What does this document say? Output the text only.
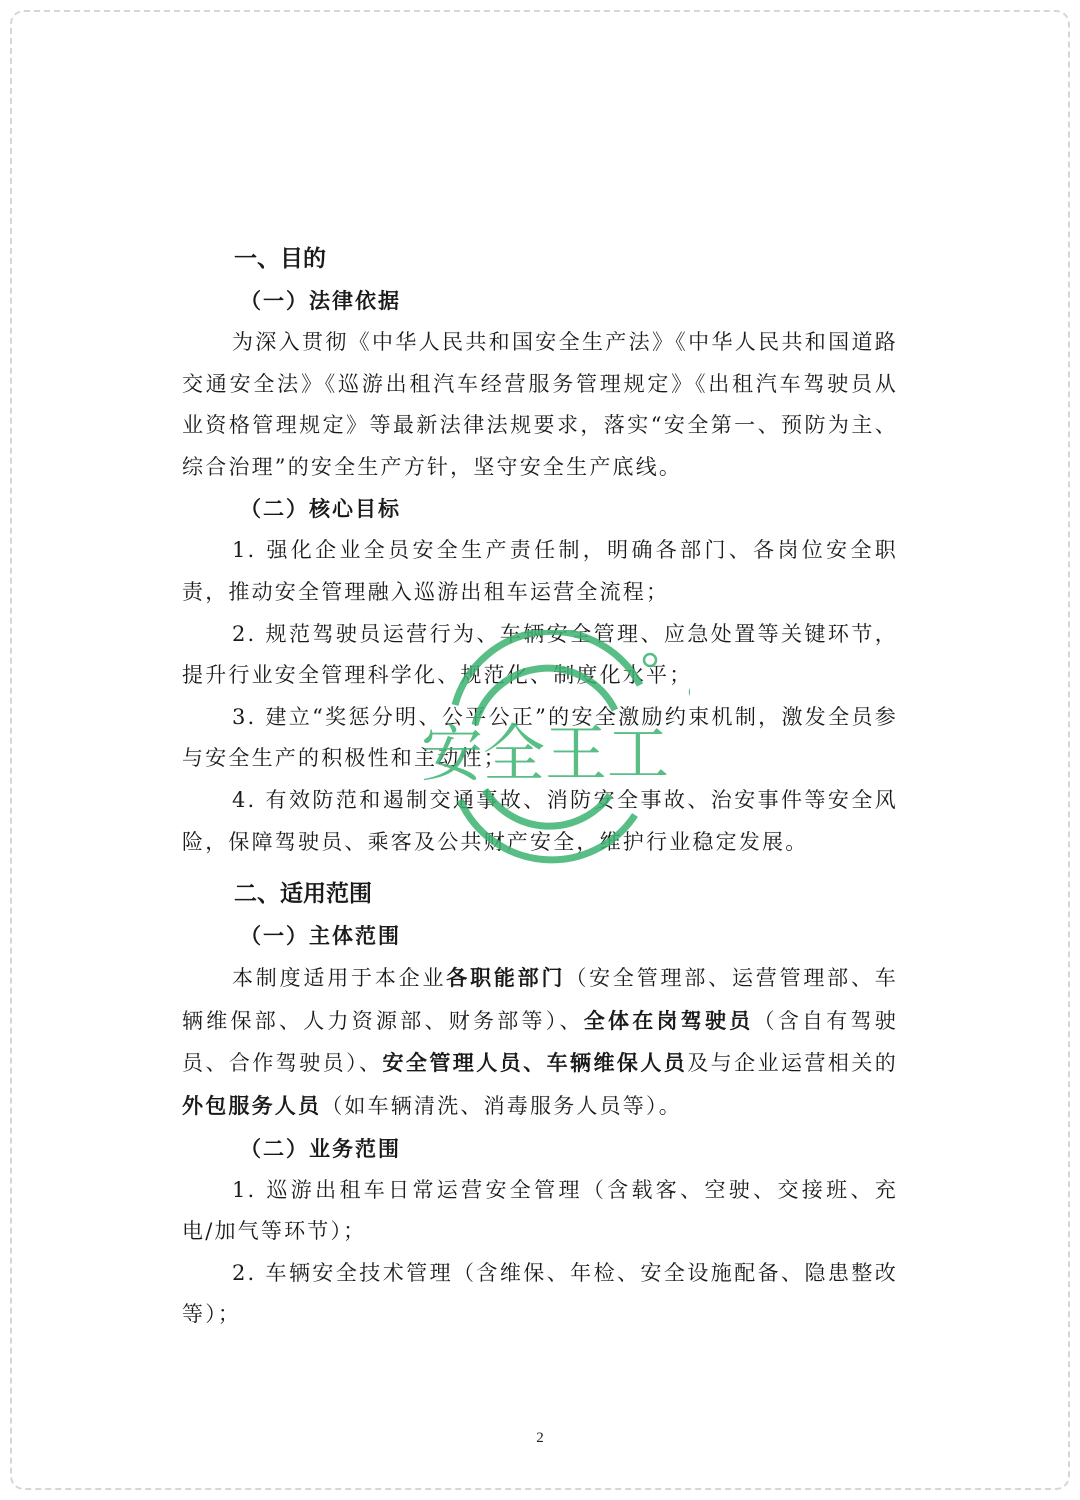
一、目的
（一）法律依据

为深入贯彻《中华人民共和国安全生产法》《中华人民共和国道路交通安全法》《巡游出租汽车经营服务管理规定》《出租汽车驾驶员从业资格管理规定》等最新法律法规要求，落实“安全第一、预防为主、综合治理”的安全生产方针，坚守安全生产底线。

（二）核心目标

1. 强化企业全员安全生产责任制，明确各部门、各岗位安全职责，推动安全管理融入巡游出租车运营全流程；

2. 规范驾驶员运营行为、车辆安全管理、应急处置等关键环节，提升行业安全管理科学化、规范化、制度化水平；

3. 建立“奖惩分明、公平公正”的安全激励约束机制，激发全员参与安全生产的积极性和主动性；

4. 有效防范和遏制交通事故、消防安全事故、治安事件等安全风险，保障驾驶员、乘客及公共财产安全，维护行业稳定发展。

二、适用范围
（一）主体范围

本制度适用于本企业各职能部门（安全管理部、运营管理部、车辆维保部、人力资源部、财务部等）、全体在岗驾驶员（含自有驾驶员、合作驾驶员）、安全管理人员、车辆维保人员及与企业运营相关的外包服务人员（如车辆清洗、消毒服务人员等）。

（二）业务范围

1. 巡游出租车日常运营安全管理（含载客、空驶、交接班、充电/加气等环节）；

2. 车辆安全技术管理（含维保、年检、安全设施配备、隐患整改等）；

安全王工
2
